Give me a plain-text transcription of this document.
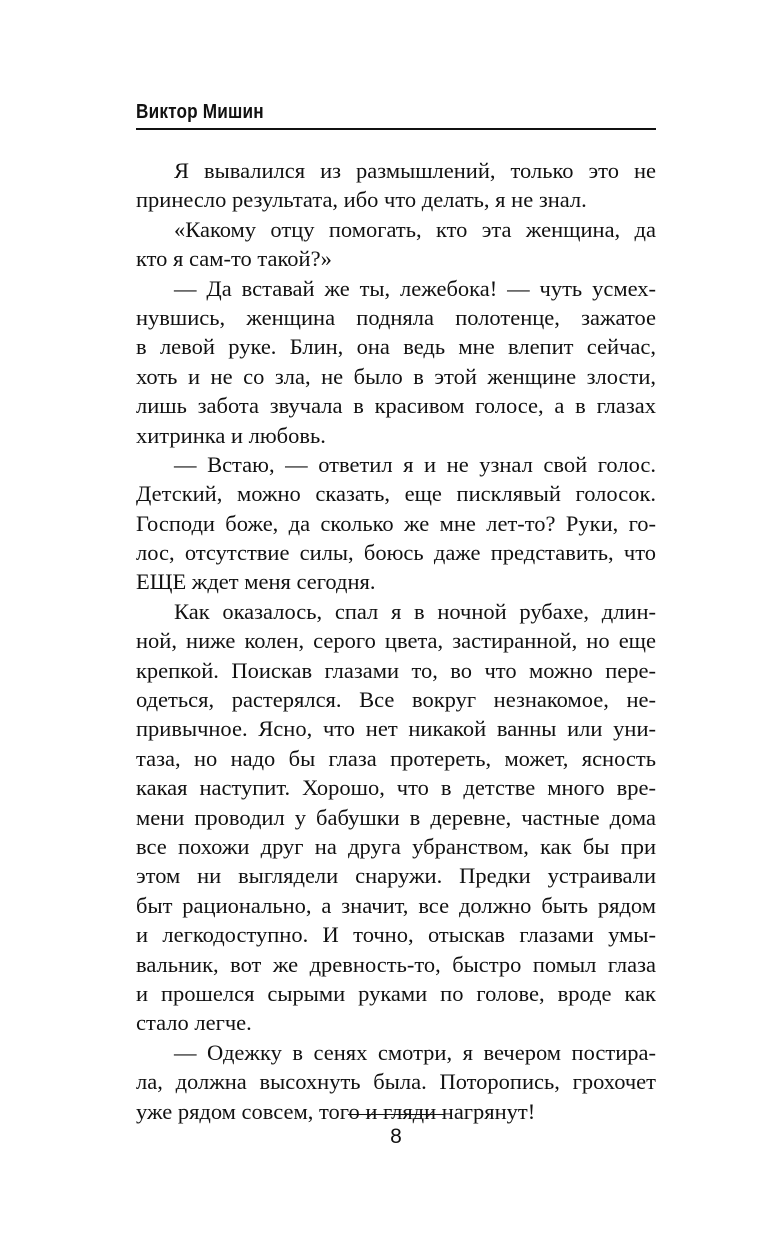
Виктор Мишин
Я вывалился из размышлений, только это не
принесло результата, ибо что делать, я не знал.
«Какому отцу помогать, кто эта женщина, да
кто я сам-то такой?»
— Да вставай же ты, лежебока! — чуть усмех-
нувшись, женщина подняла полотенце, зажатое
в левой руке. Блин, она ведь мне влепит сейчас,
хоть и не со зла, не было в этой женщине злости,
лишь забота звучала в красивом голосе, а в глазах
хитринка и любовь.
— Встаю, — ответил я и не узнал свой голос.
Детский, можно сказать, еще писклявый голосок.
Господи боже, да сколько же мне лет-то? Руки, го-
лос, отсутствие силы, боюсь даже представить, что
ЕЩЕ ждет меня сегодня.
Как оказалось, спал я в ночной рубахе, длин-
ной, ниже колен, серого цвета, застиранной, но еще
крепкой. Поискав глазами то, во что можно пере-
одеться, растерялся. Все вокруг незнакомое, не-
привычное. Ясно, что нет никакой ванны или уни-
таза, но надо бы глаза протереть, может, ясность
какая наступит. Хорошо, что в детстве много вре-
мени проводил у бабушки в деревне, частные дома
все похожи друг на друга убранством, как бы при
этом ни выглядели снаружи. Предки устраивали
быт рационально, а значит, все должно быть рядом
и легкодоступно. И точно, отыскав глазами умы-
вальник, вот же древность-то, быстро помыл глаза
и прошелся сырыми руками по голове, вроде как
стало легче.
— Одежку в сенях смотри, я вечером постира-
ла, должна высохнуть была. Поторопись, грохочет
уже рядом совсем, того и гляди нагрянут!
8
